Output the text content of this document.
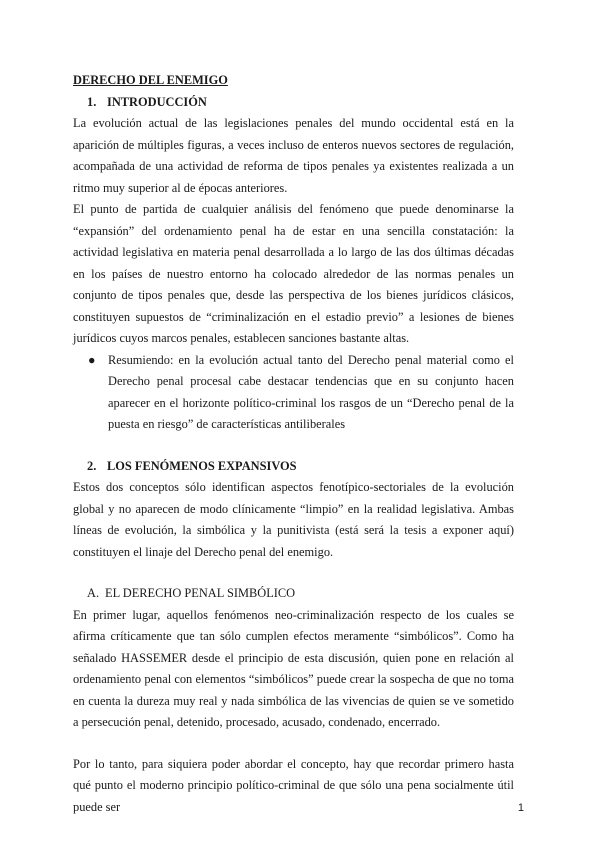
DERECHO DEL ENEMIGO

1. INTRODUCCIÓN

La evolución actual de las legislaciones penales del mundo occidental está en la aparición de múltiples figuras, a veces incluso de enteros nuevos sectores de regulación, acompañada de una actividad de reforma de tipos penales ya existentes realizada a un ritmo muy superior al de épocas anteriores.

El punto de partida de cualquier análisis del fenómeno que puede denominarse la “expansión” del ordenamiento penal ha de estar en una sencilla constatación: la actividad legislativa en materia penal desarrollada a lo largo de las dos últimas décadas en los países de nuestro entorno ha colocado alrededor de las normas penales un conjunto de tipos penales que, desde las perspectiva de los bienes jurídicos clásicos, constituyen supuestos de “criminalización en el estadio previo” a lesiones de bienes jurídicos cuyos marcos penales, establecen sanciones bastante altas.

● Resumiendo: en la evolución actual tanto del Derecho penal material como el Derecho penal procesal cabe destacar tendencias que en su conjunto hacen aparecer en el horizonte político-criminal los rasgos de un “Derecho penal de la puesta en riesgo” de características antiliberales

2. LOS FENÓMENOS EXPANSIVOS

Estos dos conceptos sólo identifican aspectos fenotípico-sectoriales de la evolución global y no aparecen de modo clínicamente “limpio” en la realidad legislativa. Ambas líneas de evolución, la simbólica y la punitivista (está será la tesis a exponer aquí) constituyen el linaje del Derecho penal del enemigo.

A. EL DERECHO PENAL SIMBÓLICO

En primer lugar, aquellos fenómenos neo-criminalización respecto de los cuales se afirma críticamente que tan sólo cumplen efectos meramente “simbólicos”. Como ha señalado HASSEMER desde el principio de esta discusión, quien pone en relación al ordenamiento penal con elementos “simbólicos” puede crear la sospecha de que no toma en cuenta la dureza muy real y nada simbólica de las vivencias de quien se ve sometido a persecución penal, detenido, procesado, acusado, condenado, encerrado.

Por lo tanto, para siquiera poder abordar el concepto, hay que recordar primero hasta qué punto el moderno principio político-criminal de que sólo una pena socialmente útil puede ser	1
